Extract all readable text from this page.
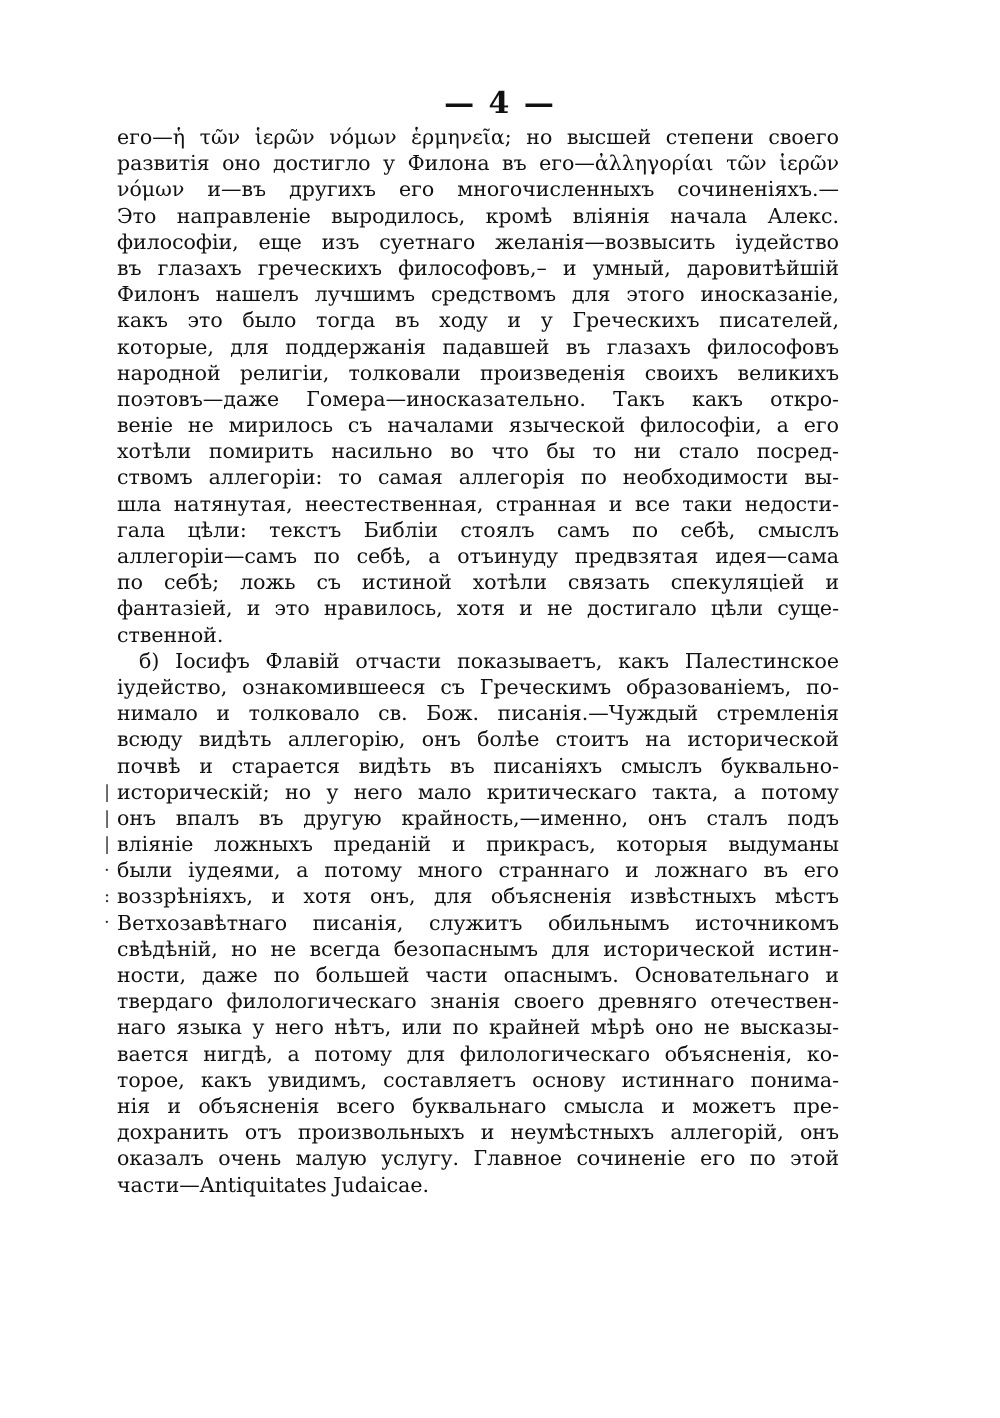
— 4 —
|
|
|
·
:
·
его—ἡ τῶν ἱερῶν νόμων ἑρμηνεῖα; но высшей степени своего
развитія оно достигло у Филона въ его—ἀλληγορίαι τῶν ἱερῶν
νόμων и—въ другихъ его многочисленныхъ сочиненіяхъ.—
Это направленіе выродилось, кромѣ вліянія начала Алекс.
философіи, еще изъ суетнаго желанія—возвысить іудейство
въ глазахъ греческихъ философовъ,– и умный, даровитѣйшій
Филонъ нашелъ лучшимъ средствомъ для этого иносказаніе,
какъ это было тогда въ ходу и у Греческихъ писателей,
которые, для поддержанія падавшей въ глазахъ философовъ
народной религіи, толковали произведенія своихъ великихъ
поэтовъ—даже Гомера—иносказательно. Такъ какъ откро-
веніе не мирилось съ началами языческой философіи, а его
хотѣли помирить насильно во что бы то ни стало посред-
ствомъ аллегоріи: то самая аллегорія по необходимости вы-
шла натянутая, неестественная, странная и все таки недости-
гала цѣли: текстъ Библіи стоялъ самъ по себѣ, смыслъ
аллегоріи—самъ по себѣ, а отъинуду предвзятая идея—сама
по себѣ; ложь съ истиной хотѣли связать спекуляціей и
фантазіей, и это нравилось, хотя и не достигало цѣли суще-
ственной.
б) Іосифъ Флавій отчасти показываетъ, какъ Палестинское
іудейство, ознакомившееся съ Греческимъ образованіемъ, по-
нимало и толковало св. Бож. писанія.—Чуждый стремленія
всюду видѣть аллегорію, онъ болѣе стоитъ на исторической
почвѣ и старается видѣть въ писаніяхъ смыслъ буквально-
историческій; но у него мало критическаго такта, а потому
онъ впалъ въ другую крайность,—именно, онъ сталъ подъ
вліяніе ложныхъ преданій и прикрасъ, которыя выдуманы
были іудеями, а потому много страннаго и ложнаго въ его
воззрѣніяхъ, и хотя онъ, для объясненія извѣстныхъ мѣстъ
Ветхозавѣтнаго писанія, служитъ обильнымъ источникомъ
свѣдѣній, но не всегда безопаснымъ для исторической истин-
ности, даже по большей части опаснымъ. Основательнаго и
твердаго филологическаго знанія своего древняго отечествен-
наго языка у него нѣтъ, или по крайней мѣрѣ оно не высказы-
вается нигдѣ, а потому для филологическаго объясненія, ко-
торое, какъ увидимъ, составляетъ основу истиннаго понима-
нія и объясненія всего буквальнаго смысла и можетъ пре-
дохранить отъ произвольныхъ и неумѣстныхъ аллегорій, онъ
оказалъ очень малую услугу. Главное сочиненіе его по этой
части—Antiquitates Judaicae.
